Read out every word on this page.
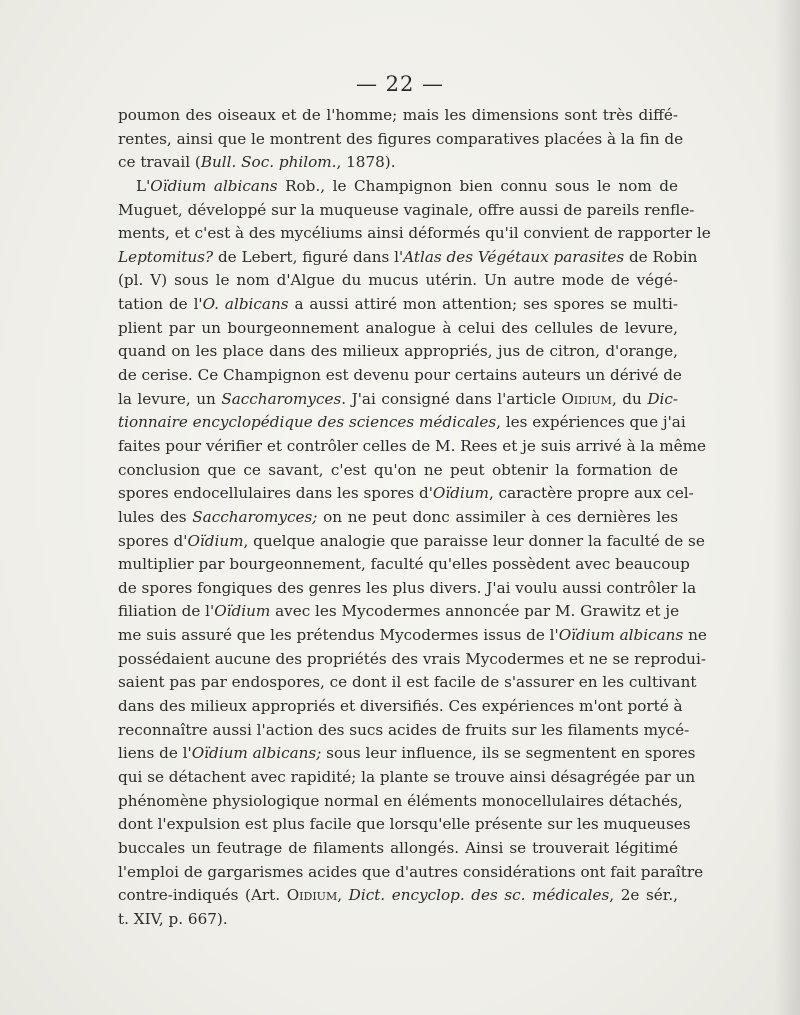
— 22 —
poumon des oiseaux et de l'homme; mais les dimensions sont très diffé-
rentes, ainsi que le montrent des figures comparatives placées à la fin de
ce travail (Bull. Soc. philom., 1878).
L'Oïdium albicans Rob., le Champignon bien connu sous le nom de
Muguet, développé sur la muqueuse vaginale, offre aussi de pareils renfle-
ments, et c'est à des mycéliums ainsi déformés qu'il convient de rapporter le
Leptomitus? de Lebert, figuré dans l'Atlas des Végétaux parasites de Robin
(pl. V) sous le nom d'Algue du mucus utérin. Un autre mode de végé-
tation de l'O. albicans a aussi attiré mon attention; ses spores se multi-
plient par un bourgeonnement analogue à celui des cellules de levure,
quand on les place dans des milieux appropriés, jus de citron, d'orange,
de cerise. Ce Champignon est devenu pour certains auteurs un dérivé de
la levure, un Saccharomyces. J'ai consigné dans l'article Oidium, du Dic-
tionnaire encyclopédique des sciences médicales, les expériences que j'ai
faites pour vérifier et contrôler celles de M. Rees et je suis arrivé à la même
conclusion que ce savant, c'est qu'on ne peut obtenir la formation de
spores endocellulaires dans les spores d'Oïdium, caractère propre aux cel-
lules des Saccharomyces; on ne peut donc assimiler à ces dernières les
spores d'Oïdium, quelque analogie que paraisse leur donner la faculté de se
multiplier par bourgeonnement, faculté qu'elles possèdent avec beaucoup
de spores fongiques des genres les plus divers. J'ai voulu aussi contrôler la
filiation de l'Oïdium avec les Mycodermes annoncée par M. Grawitz et je
me suis assuré que les prétendus Mycodermes issus de l'Oïdium albicans ne
possédaient aucune des propriétés des vrais Mycodermes et ne se reprodui-
saient pas par endospores, ce dont il est facile de s'assurer en les cultivant
dans des milieux appropriés et diversifiés. Ces expériences m'ont porté à
reconnaître aussi l'action des sucs acides de fruits sur les filaments mycé-
liens de l'Oïdium albicans; sous leur influence, ils se segmentent en spores
qui se détachent avec rapidité; la plante se trouve ainsi désagrégée par un
phénomène physiologique normal en éléments monocellulaires détachés,
dont l'expulsion est plus facile que lorsqu'elle présente sur les muqueuses
buccales un feutrage de filaments allongés. Ainsi se trouverait légitimé
l'emploi de gargarismes acides que d'autres considérations ont fait paraître
contre-indiqués (Art. Oidium, Dict. encyclop. des sc. médicales, 2e sér.,
t. XIV, p. 667).
